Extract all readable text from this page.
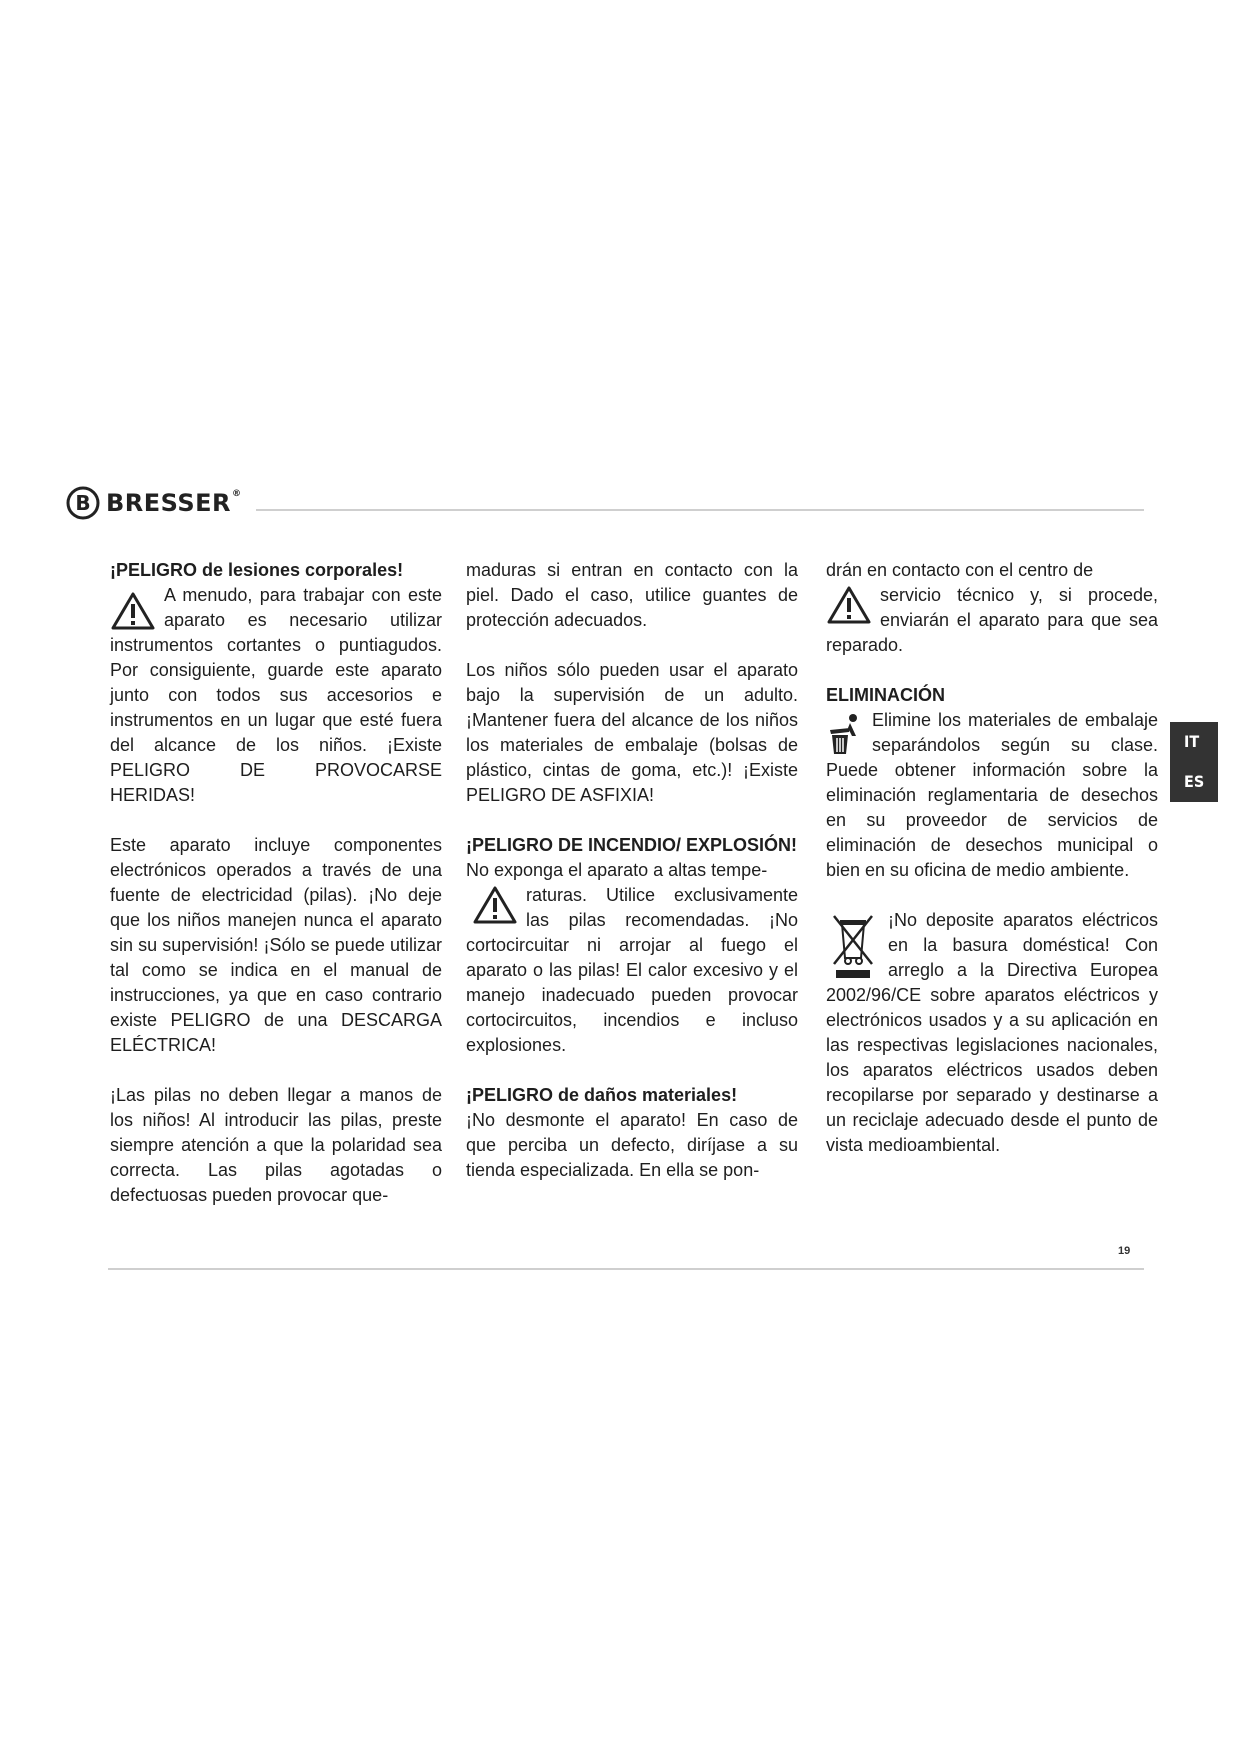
B BRESSER®
IT
ES

¡PELIGRO de lesiones corporales!

A menudo, para trabajar con este aparato es necesario utilizar instrumentos cortantes o puntiagudos. Por consiguiente, guarde este aparato junto con todos sus accesorios e instrumentos en un lugar que esté fuera del alcance de los niños. ¡Existe PELIGRO DE PROVOCARSE HERIDAS!

Este aparato incluye componentes electrónicos operados a través de una fuente de electricidad (pilas). ¡No deje que los niños manejen nunca el aparato sin su supervisión! ¡Sólo se puede utilizar tal como se indica en el manual de instrucciones, ya que en caso contrario existe PELIGRO de una DESCARGA ELÉCTRICA!

¡Las pilas no deben llegar a manos de los niños! Al introducir las pilas, preste siempre atención a que la polaridad sea correcta. Las pilas agotadas o defectuosas pueden provocar que-

maduras si entran en contacto con la piel. Dado el caso, utilice guantes de protección adecuados.

Los niños sólo pueden usar el aparato bajo la supervisión de un adulto. ¡Mantener fuera del alcance de los niños los materiales de embalaje (bolsas de plástico, cintas de goma, etc.)! ¡Existe PELIGRO DE ASFIXIA!

¡PELIGRO DE INCENDIO/ EXPLOSIÓN!

No exponga el aparato a altas tempe-

raturas. Utilice exclusivamente las pilas recomendadas. ¡No cortocircuitar ni arrojar al fuego el aparato o las pilas! El calor excesivo y el manejo inadecuado pueden provocar cortocircuitos, incendios e incluso explosiones.

¡PELIGRO de daños materiales!

¡No desmonte el aparato! En caso de que perciba un defecto, diríjase a su tienda especializada. En ella se pon-

drán en contacto con el centro de

servicio técnico y, si procede, enviarán el aparato para que sea reparado.

ELIMINACIÓN

Elimine los materiales de embalaje separándolos según su clase. Puede obtener información sobre la eliminación reglamentaria de desechos en su proveedor de servicios de eliminación de desechos municipal o bien en su oficina de medio ambiente.

¡No deposite aparatos eléctricos en la basura doméstica! Con arreglo a la Directiva Europea 2002/96/CE sobre aparatos eléctricos y electrónicos usados y a su aplicación en las respectivas legislaciones nacionales, los aparatos eléctricos usados deben recopilarse por separado y destinarse a un reciclaje adecuado desde el punto de vista medioambiental.

19
